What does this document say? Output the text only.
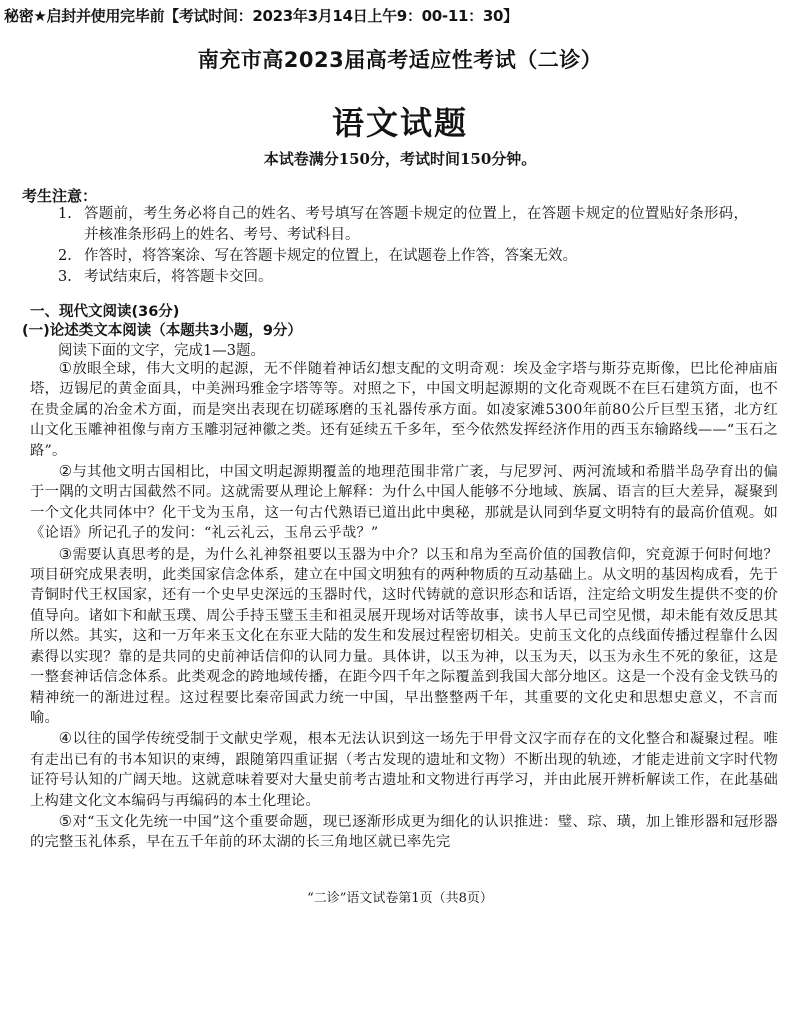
秘密★启封并使用完毕前【考试时间：2023年3月14日上午9：00-11：30】
南充市高2023届高考适应性考试（二诊）
语文试题
本试卷满分150分，考试时间150分钟。
考生注意：
1. 答题前，考生务必将自己的姓名、考号填写在答题卡规定的位置上，在答题卡规定的位置贴好条形码，并核准条形码上的姓名、考号、考试科目。
2. 作答时，将答案涂、写在答题卡规定的位置上，在试题卷上作答，答案无效。
3. 考试结束后，将答题卡交回。
一、现代文阅读(36分)
(一)论述类文本阅读（本题共3小题，9分）
阅读下面的文字，完成1—3题。

①放眼全球，伟大文明的起源，无不伴随着神话幻想支配的文明奇观：埃及金字塔与斯芬克斯像，巴比伦神庙庙塔，迈锡尼的黄金面具，中美洲玛雅金字塔等等。对照之下，中国文明起源期的文化奇观既不在巨石建筑方面，也不在贵金属的冶金术方面，而是突出表现在切磋琢磨的玉礼器传承方面。如凌家滩5300年前80公斤巨型玉猪，北方红山文化玉雕神祖像与南方玉雕羽冠神徽之类。还有延续五千多年，至今依然发挥经济作用的西玉东输路线——“玉石之路”。

②与其他文明古国相比，中国文明起源期覆盖的地理范围非常广袤，与尼罗河、两河流域和希腊半岛孕育出的偏于一隅的文明古国截然不同。这就需要从理论上解释：为什么中国人能够不分地域、族属、语言的巨大差异，凝聚到一个文化共同体中？化干戈为玉帛，这一句古代熟语已道出此中奥秘，那就是认同到华夏文明特有的最高价值观。如《论语》所记孔子的发问：“礼云礼云，玉帛云乎哉？”

③需要认真思考的是，为什么礼神祭祖要以玉器为中介？以玉和帛为至高价值的国教信仰，究竟源于何时何地？项目研究成果表明，此类国家信念体系，建立在中国文明独有的两种物质的互动基础上。从文明的基因构成看，先于青铜时代王权国家，还有一个史早史深远的玉器时代，这时代铸就的意识形态和话语，注定给文明发生提供不变的价值导向。诸如卞和献玉璞、周公手持玉璧玉圭和祖灵展开现场对话等故事，读书人早已司空见惯，却未能有效反思其所以然。其实，这和一万年来玉文化在东亚大陆的发生和发展过程密切相关。史前玉文化的点线面传播过程靠什么因素得以实现？靠的是共同的史前神话信仰的认同力量。具体讲，以玉为神，以玉为天，以玉为永生不死的象征，这是一整套神话信念体系。此类观念的跨地域传播，在距今四千年之际覆盖到我国大部分地区。这是一个没有金戈铁马的精神统一的渐进过程。这过程要比秦帝国武力统一中国，早出整整两千年，其重要的文化史和思想史意义，不言而喻。

④以往的国学传统受制于文献史学观，根本无法认识到这一场先于甲骨文汉字而存在的文化整合和凝聚过程。唯有走出已有的书本知识的束缚，跟随第四重证据（考古发现的遗址和文物）不断出现的轨迹，才能走进前文字时代物证符号认知的广阔天地。这就意味着要对大量史前考古遗址和文物进行再学习，并由此展开辨析解读工作，在此基础上构建文化文本编码与再编码的本土化理论。

⑤对“玉文化先统一中国”这个重要命题，现已逐渐形成更为细化的认识推进：璧、琮、璜，加上锥形器和冠形器的完整玉礼体系，早在五千年前的环太湖的长三角地区就已率先完

“二诊”语文试卷第1页（共8页）
